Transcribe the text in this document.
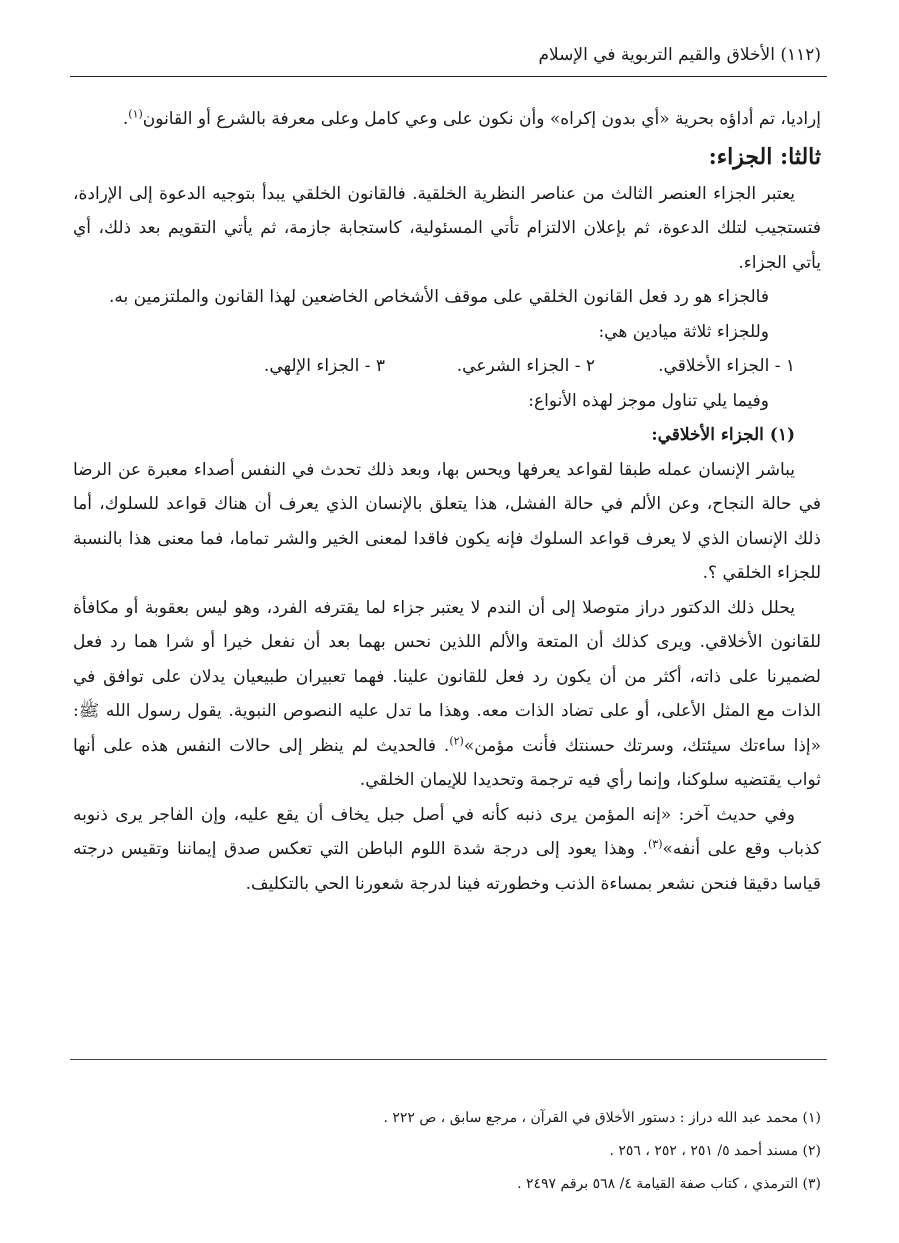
(١١٢) الأخلاق والقيم التربوية في الإسلام

إراديا، تم أداؤه بحرية «أي بدون إكراه» وأن نكون على وعي كامل وعلى معرفة بالشرع أو القانون$^{(١)}$.

ثالثا: الجزاء:

يعتبر الجزاء العنصر الثالث من عناصر النظرية الخلقية. فالقانون الخلقي يبدأ بتوجيه الدعوة إلى الإرادة، فتستجيب لتلك الدعوة، ثم بإعلان الالتزام تأتي المسئولية، كاستجابة جازمة، ثم يأتي التقويم بعد ذلك، أي يأتي الجزاء.

فالجزاء هو رد فعل القانون الخلقي على موقف الأشخاص الخاضعين لهذا القانون والملتزمين به.

وللجزاء ثلاثة ميادين هي:

١ - الجزاء الأخلاقي.
٢ - الجزاء الشرعي.
٣ - الجزاء الإلهي.

وفيما يلي تناول موجز لهذه الأنواع:

(١) الجزاء الأخلاقي:

يباشر الإنسان عمله طبقا لقواعد يعرفها ويحس بها، وبعد ذلك تحدث في النفس أصداء معبرة عن الرضا في حالة النجاح، وعن الألم في حالة الفشل، هذا يتعلق بالإنسان الذي يعرف أن هناك قواعد للسلوك، أما ذلك الإنسان الذي لا يعرف قواعد السلوك فإنه يكون فاقدا لمعنى الخير والشر تماما، فما معنى هذا بالنسبة للجزاء الخلقي ؟.

يحلل ذلك الدكتور دراز متوصلا إلى أن الندم لا يعتبر جزاء لما يقترفه الفرد، وهو ليس بعقوبة أو مكافأة للقانون الأخلاقي. ويرى كذلك أن المتعة والألم اللذين نحس بهما بعد أن نفعل خيرا أو شرا هما رد فعل لضميرنا على ذاته، أكثر من أن يكون رد فعل للقانون علينا. فهما تعبيران طبيعيان يدلان على توافق في الذات مع المثل الأعلى، أو على تضاد الذات معه. وهذا ما تدل عليه النصوص النبوية. يقول رسول الله ﷺ: «إذا ساءتك سيئتك، وسرتك حسنتك فأنت مؤمن»$^{(٢)}$. فالحديث لم ينظر إلى حالات النفس هذه على أنها ثواب يقتضيه سلوكنا، وإنما رأي فيه ترجمة وتحديدا للإيمان الخلقي.

وفي حديث آخر: «إنه المؤمن يرى ذنبه كأنه في أصل جبل يخاف أن يقع عليه، وإن الفاجر يرى ذنوبه كذباب وقع على أنفه»$^{(٣)}$. وهذا يعود إلى درجة شدة اللوم الباطن التي تعكس صدق إيماننا وتقيس درجته قياسا دقيقا فنحن نشعر بمساءة الذنب وخطورته فينا لدرجة شعورنا الحي بالتكليف.

(١) محمد عبد الله دراز : دستور الأخلاق في القرآن ، مرجع سابق ، ص ٢٢٢ .

(٢) مسند أحمد ٥/ ٢٥١ ، ٢٥٢ ، ٢٥٦ .

(٣) الترمذي ، كتاب صفة القيامة ٤/ ٥٦٨ برقم ٢٤٩٧ .
